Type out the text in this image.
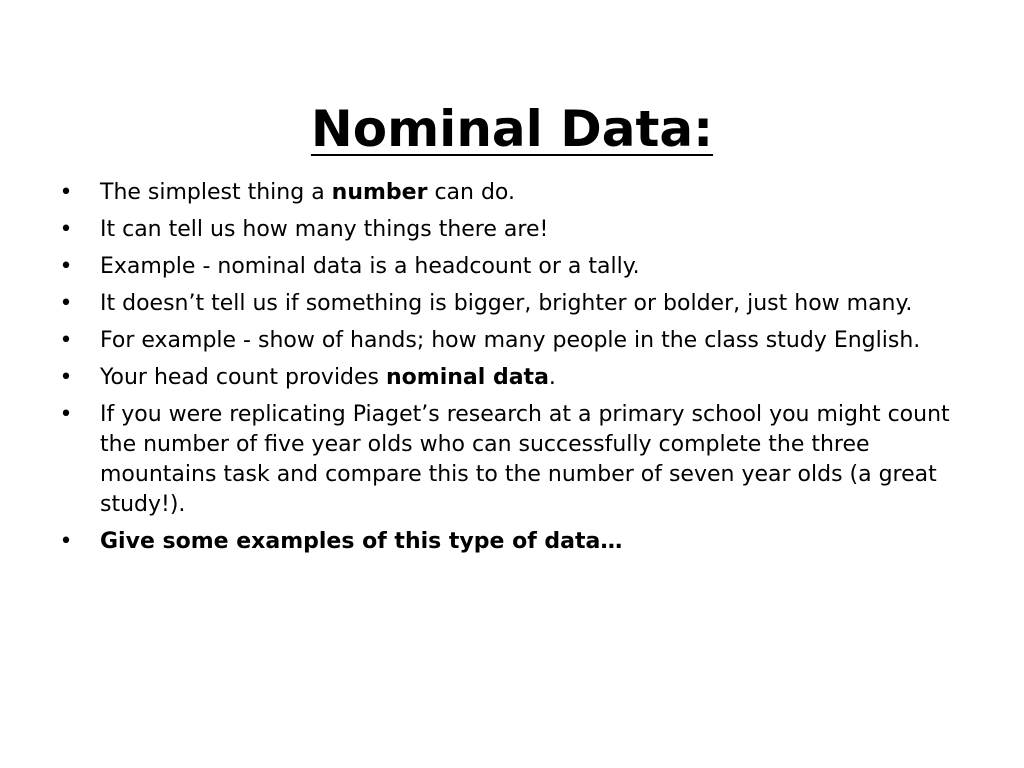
Nominal Data:
• The simplest thing a number can do.
• It can tell us how many things there are!
• Example - nominal data is a headcount or a tally.
• It doesn’t tell us if something is bigger, brighter or bolder, just how many.
• For example - show of hands; how many people in the class study English.
• Your head count provides nominal data.
• If you were replicating Piaget’s research at a primary school you might count the number of five year olds who can successfully complete the three mountains task and compare this to the number of seven year olds (a great study!).
• Give some examples of this type of data…
